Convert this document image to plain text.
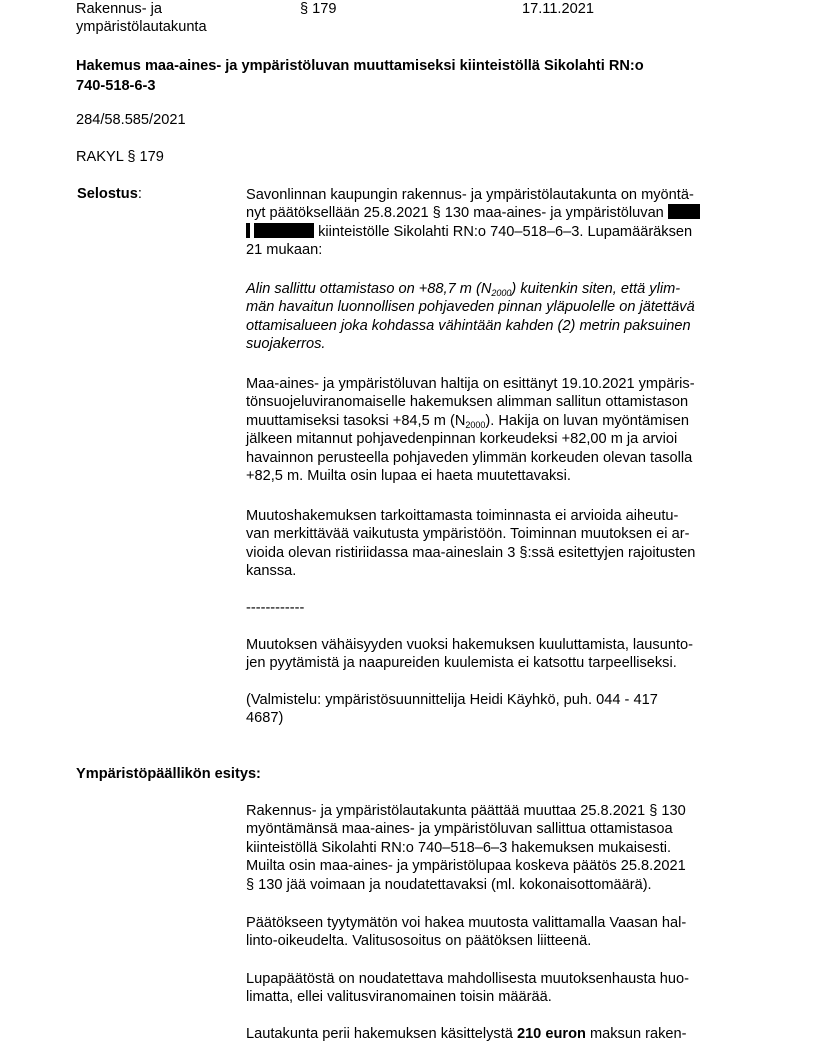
Rakennus- ja
ympäristölautakunta
§ 179	17.11.2021
Hakemus maa-aines- ja ympäristöluvan muuttamiseksi kiinteistöllä Sikolahti RN:o
740-518-6-3
284/58.585/2021
RAKYL § 179
Selostus:	Savonlinnan kaupungin rakennus- ja ympäristölautakunta on myöntä-
nyt päätöksellään 25.8.2021 § 130 maa-aines- ja ympäristöluvan
kiinteistölle Sikolahti RN:o 740–518–6–3. Lupamääräksen
21 mukaan:
Alin sallittu ottamistaso on +88,7 m $(N_{2000})$ kuitenkin siten, että ylim-
män havaitun luonnollisen pohjaveden pinnan yläpuolelle on jätettävä
ottamisalueen joka kohdassa vähintään kahden (2) metrin paksuinen
suojakerros.
Maa-aines- ja ympäristöluvan haltija on esittänyt 19.10.2021 ympäris-
tönsuojeluviranomaiselle hakemuksen alimman sallitun ottamistason
muuttamiseksi tasoksi +84,5 m $(N_{2000})$. Hakija on luvan myöntämisen
jälkeen mitannut pohjavedenpinnan korkeudeksi +82,00 m ja arvioi
havainnon perusteella pohjaveden ylimmän korkeuden olevan tasolla
+82,5 m. Muilta osin lupaa ei haeta muutettavaksi.
Muutoshakemuksen tarkoittamasta toiminnasta ei arvioida aiheutu-
van merkittävää vaikutusta ympäristöön. Toiminnan muutoksen ei ar-
vioida olevan ristiriidassa maa-aineslain 3 §:ssä esitettyjen rajoitusten
kanssa.
------------
Muutoksen vähäisyyden vuoksi hakemuksen kuuluttamista, lausunto-
jen pyytämistä ja naapureiden kuulemista ei katsottu tarpeelliseksi.
(Valmistelu: ympäristösuunnittelija Heidi Käyhkö, puh. 044 - 417
4687)
Ympäristöpäällikön esitys:
Rakennus- ja ympäristölautakunta päättää muuttaa 25.8.2021 § 130
myöntämänsä maa-aines- ja ympäristöluvan sallittua ottamistasoa
kiinteistöllä Sikolahti RN:o 740–518–6–3 hakemuksen mukaisesti.
Muilta osin maa-aines- ja ympäristölupaa koskeva päätös 25.8.2021
§ 130 jää voimaan ja noudatettavaksi (ml. kokonaisottomäärä).
Päätökseen tyytymätön voi hakea muutosta valittamalla Vaasan hal-
linto-oikeudelta. Valitusosoitus on päätöksen liitteenä.
Lupapäätöstä on noudatettava mahdollisesta muutoksenhausta huo-
limatta, ellei valitusviranomainen toisin määrää.
Lautakunta perii hakemuksen käsittelystä 210 euron maksun raken-
